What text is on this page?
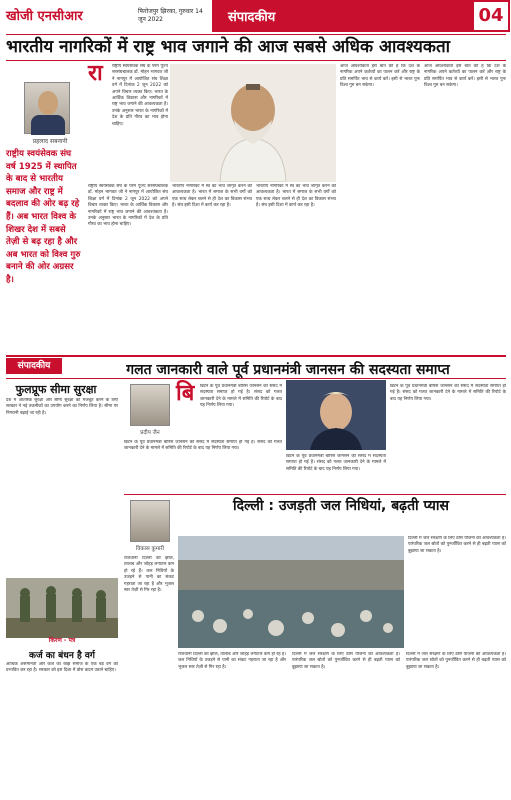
खोजी एनसीआर	फिरोजपुर झिरका, गुरुवार 14 जून 2022	संपादकीय	04
भारतीय नागरिकों में राष्ट्र भाव जगाने की आज सबसे अधिक आवश्यकता
प्रहलाद सबनानी
राष्ट्रीय स्वयंसेवक संघ वर्ष 1925 में स्थापित के बाद से भारतीय समाज और राष्ट्र में बदलाव की ओर बढ़ रहे हैं। अब भारत विश्व के शिखर देश में सबसे तेज़ी से बढ़ रहा है और अब भारत को विश्व गुरु बनाने की ओर अग्रसर है।
रा राष्ट्रीय स्वयंसेवक संघ के परम पूज्य सरसंघचालक डॉ. मोहन भागवत जी ने नागपुर में आयोजित संघ शिक्षा वर्ग में दिनांक 2 जून 2022 को अपने विचार व्यक्त किए। भारत के आर्थिक विकास और नागरिकों में राष्ट्र भाव जगाने की आवश्यकता है। उनके अनुसार भारत के नागरिकों में देश के प्रति गौरव का भाव होना चाहिए।
राष्ट्रीय स्वयंसेवक संघ के परम पूज्य सरसंघचालक डॉ. मोहन भागवत जी ने नागपुर में आयोजित संघ शिक्षा वर्ग में दिनांक 2 जून 2022 को अपने विचार व्यक्त किए। भारत के आर्थिक विकास और नागरिकों में राष्ट्र भाव जगाने की आवश्यकता है। उनके अनुसार भारत के नागरिकों में देश के प्रति गौरव का भाव होना चाहिए।
भारतीय नागरिकों में स्व का भाव जागृत करने की आवश्यकता है। भारत में समाज के सभी वर्गों को एक साथ लेकर चलने से ही देश का विकास संभव है। संघ इसी दिशा में कार्य कर रहा है।
भारतीय नागरिकों में स्व का भाव जागृत करने की आवश्यकता है। भारत में समाज के सभी वर्गों को एक साथ लेकर चलने से ही देश का विकास संभव है। संघ इसी दिशा में कार्य कर रहा है।
आज आवश्यकता इस बात की है कि देश के नागरिक अपने कर्तव्यों का पालन करें और राष्ट्र के प्रति समर्पित भाव से कार्य करें। इसी से भारत पुनः विश्व गुरु बन सकेगा।
आज आवश्यकता इस बात की है कि देश के नागरिक अपने कर्तव्यों का पालन करें और राष्ट्र के प्रति समर्पित भाव से कार्य करें। इसी से भारत पुनः विश्व गुरु बन सकेगा।
संपादकीय	गलत जानकारी वाले पूर्व प्रधानमंत्री जानसन की सदस्यता समाप्त
फुलप्रूफ सीमा सुरक्षा
देश में आंतरिक सुरक्षा और सीमा सुरक्षा को मजबूत करने के लिए सरकार ने नई तकनीकों का उपयोग करने का निर्णय लिया है। सीमा पर निगरानी बढ़ाई जा रही है।
किरण - पत्र
कर्ज का बंधन है वर्ग
आर्थिक असमानता और कर्ज का बोझ समाज के एक बड़े वर्ग को प्रभावित कर रहा है। सरकार को इस दिशा में ठोस कदम उठाने चाहिए।
प्रदीप जैन
बि ब्रिटेन के पूर्व प्रधानमंत्री बोरिस जानसन की संसद में सदस्यता समाप्त हो गई है। संसद को गलत जानकारी देने के मामले में समिति की रिपोर्ट के बाद यह निर्णय लिया गया।
ब्रिटेन के पूर्व प्रधानमंत्री बोरिस जानसन की संसद में सदस्यता समाप्त हो गई है। संसद को गलत जानकारी देने के मामले में समिति की रिपोर्ट के बाद यह निर्णय लिया गया।
ब्रिटेन के पूर्व प्रधानमंत्री बोरिस जानसन की संसद में सदस्यता समाप्त हो गई है। संसद को गलत जानकारी देने के मामले में समिति की रिपोर्ट के बाद यह निर्णय लिया गया।
ब्रिटेन के पूर्व प्रधानमंत्री बोरिस जानसन की संसद में सदस्यता समाप्त हो गई है। संसद को गलत जानकारी देने के मामले में समिति की रिपोर्ट के बाद यह निर्णय लिया गया।
विकास कुमारी
दिल्ली : उजड़ती जल निधियां, बढ़ती प्यास
राजधानी दिल्ली की झीलें, तालाब और जोहड़ लगातार कम हो रहे हैं। जल निधियों के उजड़ने से पानी का संकट गहराता जा रहा है और भूजल स्तर तेज़ी से गिर रहा है।
दिल्ली में जल संरक्षण के लिए ठोस योजना की आवश्यकता है। पारंपरिक जल स्रोतों को पुनर्जीवित करने से ही बढ़ती प्यास को बुझाया जा सकता है।
राजधानी दिल्ली की झीलें, तालाब और जोहड़ लगातार कम हो रहे हैं। जल निधियों के उजड़ने से पानी का संकट गहराता जा रहा है और भूजल स्तर तेज़ी से गिर रहा है।
दिल्ली में जल संरक्षण के लिए ठोस योजना की आवश्यकता है। पारंपरिक जल स्रोतों को पुनर्जीवित करने से ही बढ़ती प्यास को बुझाया जा सकता है।
दिल्ली में जल संरक्षण के लिए ठोस योजना की आवश्यकता है। पारंपरिक जल स्रोतों को पुनर्जीवित करने से ही बढ़ती प्यास को बुझाया जा सकता है।
